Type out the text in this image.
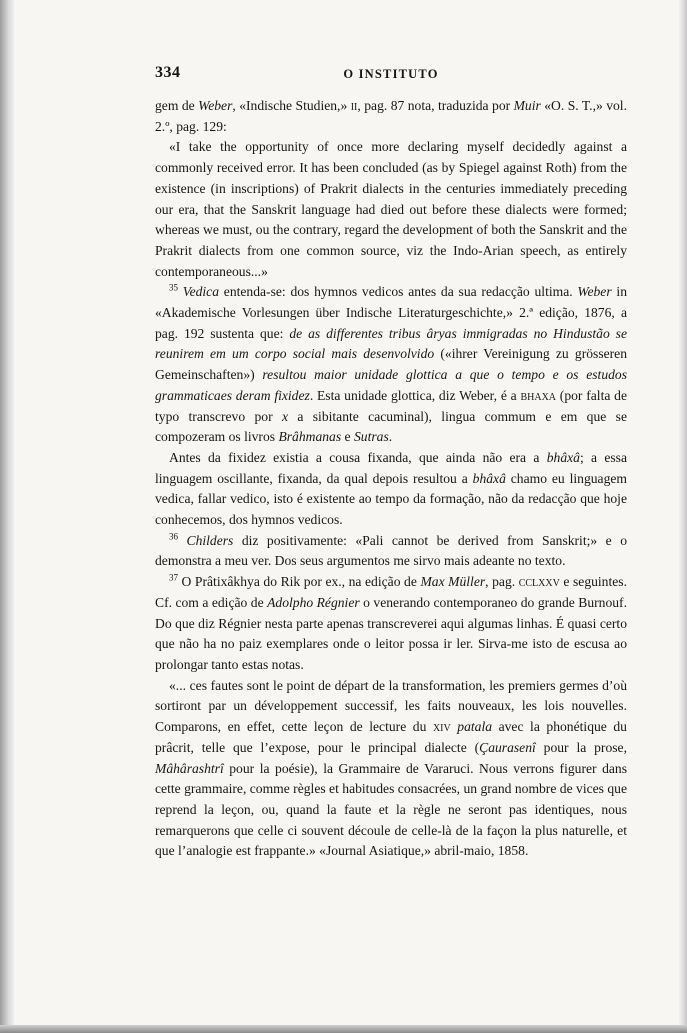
334	O INSTITUTO

gem de Weber, «Indische Studien,» ii, pag. 87 nota, traduzida por Muir «O. S. T.,» vol. 2.º, pag. 129:

«I take the opportunity of once more declaring myself decidedly against a commonly received error. It has been concluded (as by Spiegel against Roth) from the existence (in inscriptions) of Prakrit dialects in the centuries immediately preceding our era, that the Sanskrit language had died out before these dialects were formed; whereas we must, ou the contrary, regard the development of both the Sanskrit and the Prakrit dialects from one common source, viz the Indo-Arian speech, as entirely contemporaneous...»

$^{35}$ Vedica entenda-se: dos hymnos vedicos antes da sua redacção ultima. Weber in «Akademische Vorlesungen über Indische Literaturgeschichte,» 2.ª edição, 1876, a pag. 192 sustenta que: de as differentes tribus âryas immigradas no Hindustão se reunirem em um corpo social mais desenvolvido («ihrer Vereinigung zu grösseren Gemeinschaften») resultou maior unidade glottica a que o tempo e os estudos grammaticaes deram fixidez. Esta unidade glottica, diz Weber, é a bhaxa (por falta de typo transcrevo por x a sibitante cacuminal), lingua commum e em que se compozeram os livros Brâhmanas e Sutras.

Antes da fixidez existia a cousa fixanda, que ainda não era a bhâxâ; a essa linguagem oscillante, fixanda, da qual depois resultou a bhâxâ chamo eu linguagem vedica, fallar vedico, isto é existente ao tempo da formação, não da redacção que hoje conhecemos, dos hymnos vedicos.

$^{36}$ Childers diz positivamente: «Pali cannot be derived from Sanskrit;» e o demonstra a meu ver. Dos seus argumentos me sirvo mais adeante no texto.

$^{37}$ O Prâtixâkhya do Rik por ex., na edição de Max Müller, pag. cclxxv e seguintes. Cf. com a edição de Adolpho Régnier o venerando contemporaneo do grande Burnouf. Do que diz Régnier nesta parte apenas transcreverei aqui algumas linhas. É quasi certo que não ha no paiz exemplares onde o leitor possa ir ler. Sirva-me isto de escusa ao prolongar tanto estas notas.

«... ces fautes sont le point de départ de la transformation, les premiers germes d’où sortiront par un développement successif, les faits nouveaux, les lois nouvelles. Comparons, en effet, cette leçon de lecture du xiv patala avec la phonétique du prâcrit, telle que l’expose, pour le principal dialecte (Çaurasenî pour la prose, Mâhârashtrî pour la poésie), la Grammaire de Vararuci. Nous verrons figurer dans cette grammaire, comme règles et habitudes consacrées, un grand nombre de vices que reprend la leçon, ou, quand la faute et la règle ne seront pas identiques, nous remarquerons que celle ci souvent découle de celle-là de la façon la plus naturelle, et que l’analogie est frappante.» «Journal Asiatique,» abril-maio, 1858.
